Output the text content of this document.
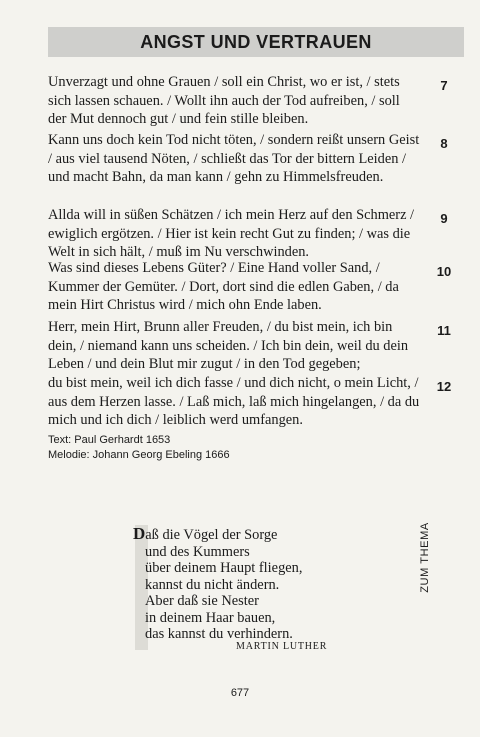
ANGST UND VERTRAUEN
Unverzagt und ohne Grauen / soll ein Christ, wo er ist, / stets sich lassen schauen. / Wollt ihn auch der Tod aufreiben, / soll der Mut dennoch gut / und fein stille bleiben.
7
Kann uns doch kein Tod nicht töten, / sondern reißt unsern Geist / aus viel tausend Nöten, / schließt das Tor der bittern Leiden / und macht Bahn, da man kann / gehn zu Himmelsfreuden.
8
Allda will in süßen Schätzen / ich mein Herz auf den Schmerz / ewiglich ergötzen. / Hier ist kein recht Gut zu finden; / was die Welt in sich hält, / muß im Nu verschwinden.
9
Was sind dieses Lebens Güter? / Eine Hand voller Sand, / Kummer der Gemüter. / Dort, dort sind die edlen Gaben, / da mein Hirt Christus wird / mich ohn Ende laben.
10
Herr, mein Hirt, Brunn aller Freuden, / du bist mein, ich bin dein, / niemand kann uns scheiden. / Ich bin dein, weil du dein Leben / und dein Blut mir zugut / in den Tod gegeben;
11
du bist mein, weil ich dich fasse / und dich nicht, o mein Licht, / aus dem Herzen lasse. / Laß mich, laß mich hingelangen, / da du mich und ich dich / leiblich werd umfangen.
12
Text: Paul Gerhardt 1653
Melodie: Johann Georg Ebeling 1666
Daß die Vögel der Sorge
und des Kummers
über deinem Haupt fliegen,
kannst du nicht ändern.
Aber daß sie Nester
in deinem Haar bauen,
das kannst du verhindern.
MARTIN LUTHER
ZUM THEMA
677
